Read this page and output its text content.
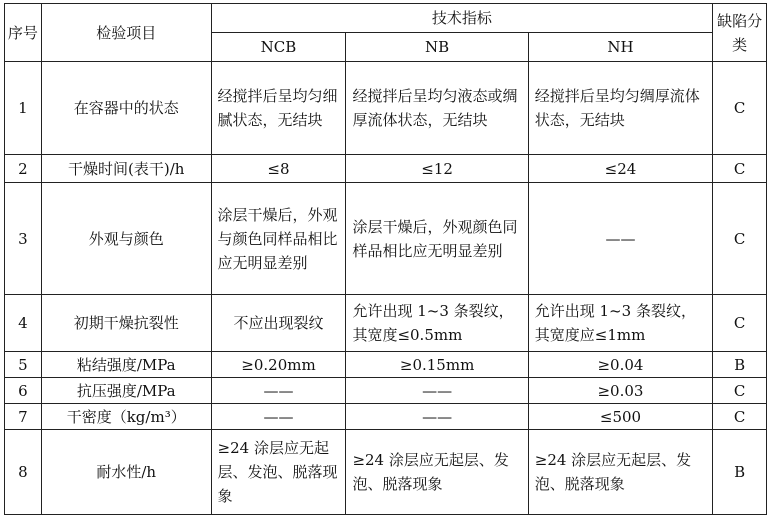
序号	检验项目	技术指标			缺陷分类
		NCB	NB	NH	
1	在容器中的状态	经搅拌后呈均匀细腻状态，无结块	经搅拌后呈均匀液态或绸厚流体状态，无结块	经搅拌后呈均匀绸厚流体状态，无结块	C
2	干燥时间(表干)/h	≤8	≤12	≤24	C
3	外观与颜色	涂层干燥后，外观与颜色同样品相比应无明显差别	涂层干燥后，外观颜色同样品相比应无明显差别	——	C
4	初期干燥抗裂性	不应出现裂纹	允许出现 1~3 条裂纹，其宽度≤0.5mm	允许出现 1~3 条裂纹，其宽度应≤1mm	C
5	粘结强度/MPa	≥0.20mm	≥0.15mm	≥0.04	B
6	抗压强度/MPa	——	——	≥0.03	C
7	干密度（kg/m³）	——	——	≤500	C
8	耐水性/h	≥24 涂层应无起层、发泡、脱落现象	≥24 涂层应无起层、发泡、脱落现象	≥24 涂层应无起层、发泡、脱落现象	B
